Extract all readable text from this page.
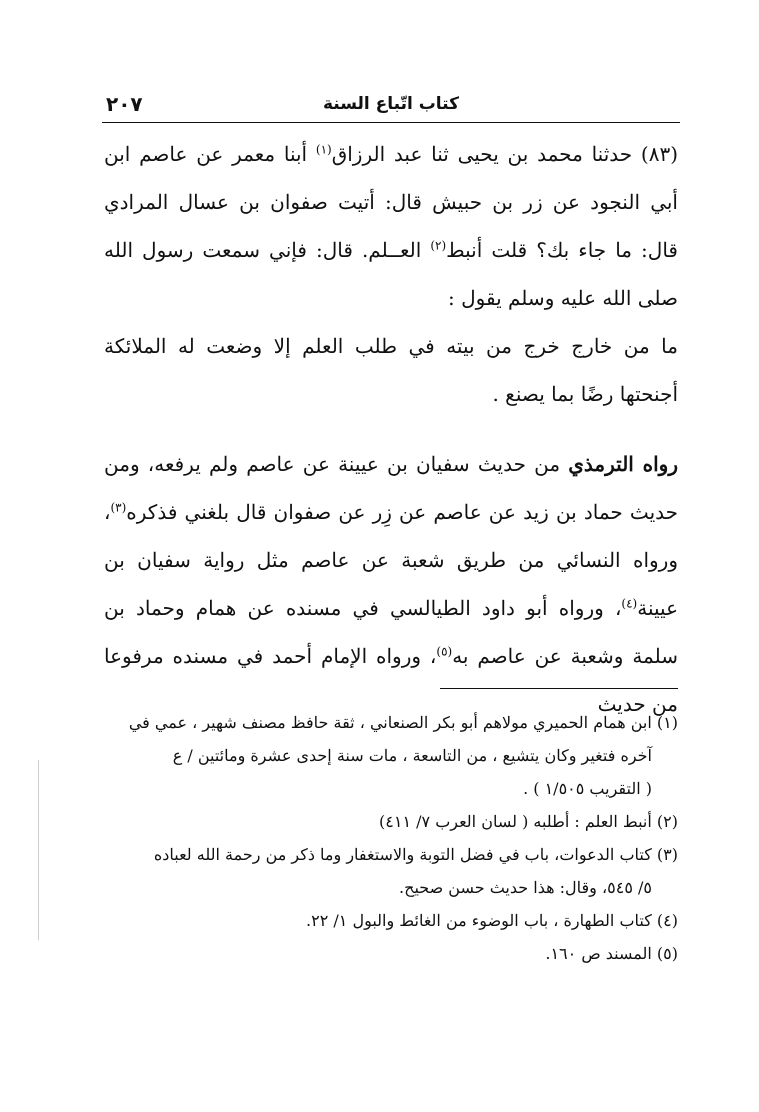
كتاب اتّباع السنة
٢٠٧

(٨٣) حدثنا محمد بن يحيى ثنا عبد الرزاق$^{(١)}$ أبنا معمر عن عاصم ابن أبي النجود عن زر بن حبيش قال: أتيت صفوان بن عسال المرادي قال: ما جاء بك؟ قلت أنبط$^{(٢)}$ العــلم. قال: فإني سمعت رسول الله صلى الله عليه وسلم يقول :

ما من خارج خرج من بيته في طلب العلم إلا وضعت له الملائكة أجنحتها رضًا بما يصنع .

رواه الترمذي من حديث سفيان بن عيينة عن عاصم ولم يرفعه، ومن حديث حماد بن زيد عن عاصم عن زِر عن صفوان قال بلغني فذكره$^{(٣)}$، ورواه النسائي من طريق شعبة عن عاصم مثل رواية سفيان بن عيينة$^{(٤)}$، ورواه أبو داود الطيالسي في مسنده عن همام وحماد بن سلمة وشعبة عن عاصم به$^{(٥)}$، ورواه الإمام أحمد في مسنده مرفوعا من حديث

(١) ابن همام الحميري مولاهم أبو بكر الصنعاني ، ثقة حافظ مصنف شهير ، عمي في

آخره فتغير وكان يتشيع ، من التاسعة ، مات سنة إحدى عشرة ومائتين / ع

( التقريب ١/٥٠٥ ) .

(٢) أنبط العلم : أطلبه ( لسان العرب ٧/ ٤١١)

(٣) كتاب الدعوات، باب في فضل التوبة والاستغفار وما ذكر من رحمة الله لعباده

٥/ ٥٤٥، وقال: هذا حديث حسن صحيح.

(٤) كتاب الطهارة ، باب الوضوء من الغائط والبول ١/ ٢٢.

(٥) المسند ص ١٦٠.
